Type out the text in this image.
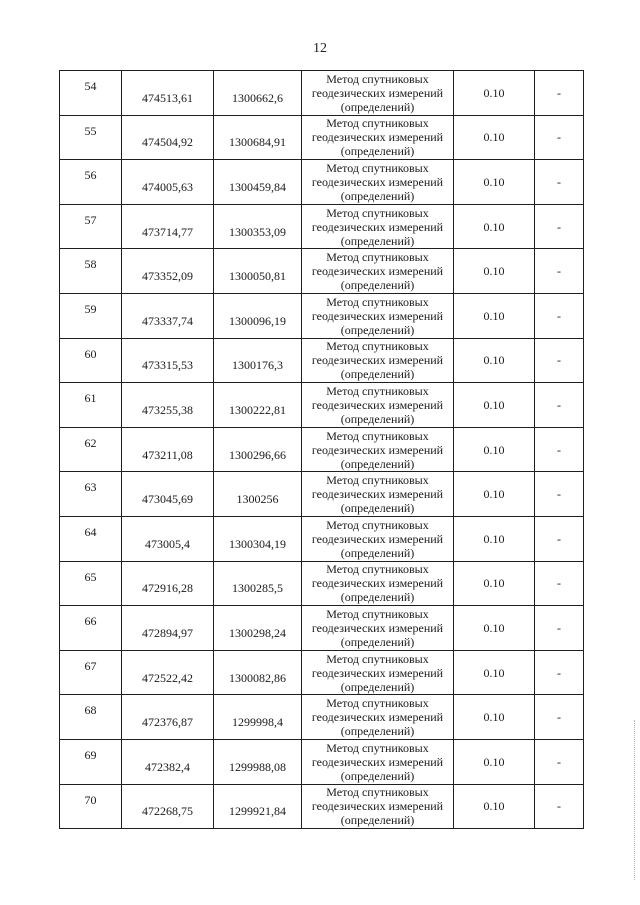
12
54	474513,61	1300662,6	Метод спутниковых
геодезических измерений
(определений)	0.10	-
55	474504,92	1300684,91	Метод спутниковых
геодезических измерений
(определений)	0.10	-
56	474005,63	1300459,84	Метод спутниковых
геодезических измерений
(определений)	0.10	-
57	473714,77	1300353,09	Метод спутниковых
геодезических измерений
(определений)	0.10	-
58	473352,09	1300050,81	Метод спутниковых
геодезических измерений
(определений)	0.10	-
59	473337,74	1300096,19	Метод спутниковых
геодезических измерений
(определений)	0.10	-
60	473315,53	1300176,3	Метод спутниковых
геодезических измерений
(определений)	0.10	-
61	473255,38	1300222,81	Метод спутниковых
геодезических измерений
(определений)	0.10	-
62	473211,08	1300296,66	Метод спутниковых
геодезических измерений
(определений)	0.10	-
63	473045,69	1300256	Метод спутниковых
геодезических измерений
(определений)	0.10	-
64	473005,4	1300304,19	Метод спутниковых
геодезических измерений
(определений)	0.10	-
65	472916,28	1300285,5	Метод спутниковых
геодезических измерений
(определений)	0.10	-
66	472894,97	1300298,24	Метод спутниковых
геодезических измерений
(определений)	0.10	-
67	472522,42	1300082,86	Метод спутниковых
геодезических измерений
(определений)	0.10	-
68	472376,87	1299998,4	Метод спутниковых
геодезических измерений
(определений)	0.10	-
69	472382,4	1299988,08	Метод спутниковых
геодезических измерений
(определений)	0.10	-
70	472268,75	1299921,84	Метод спутниковых
геодезических измерений
(определений)	0.10	-
